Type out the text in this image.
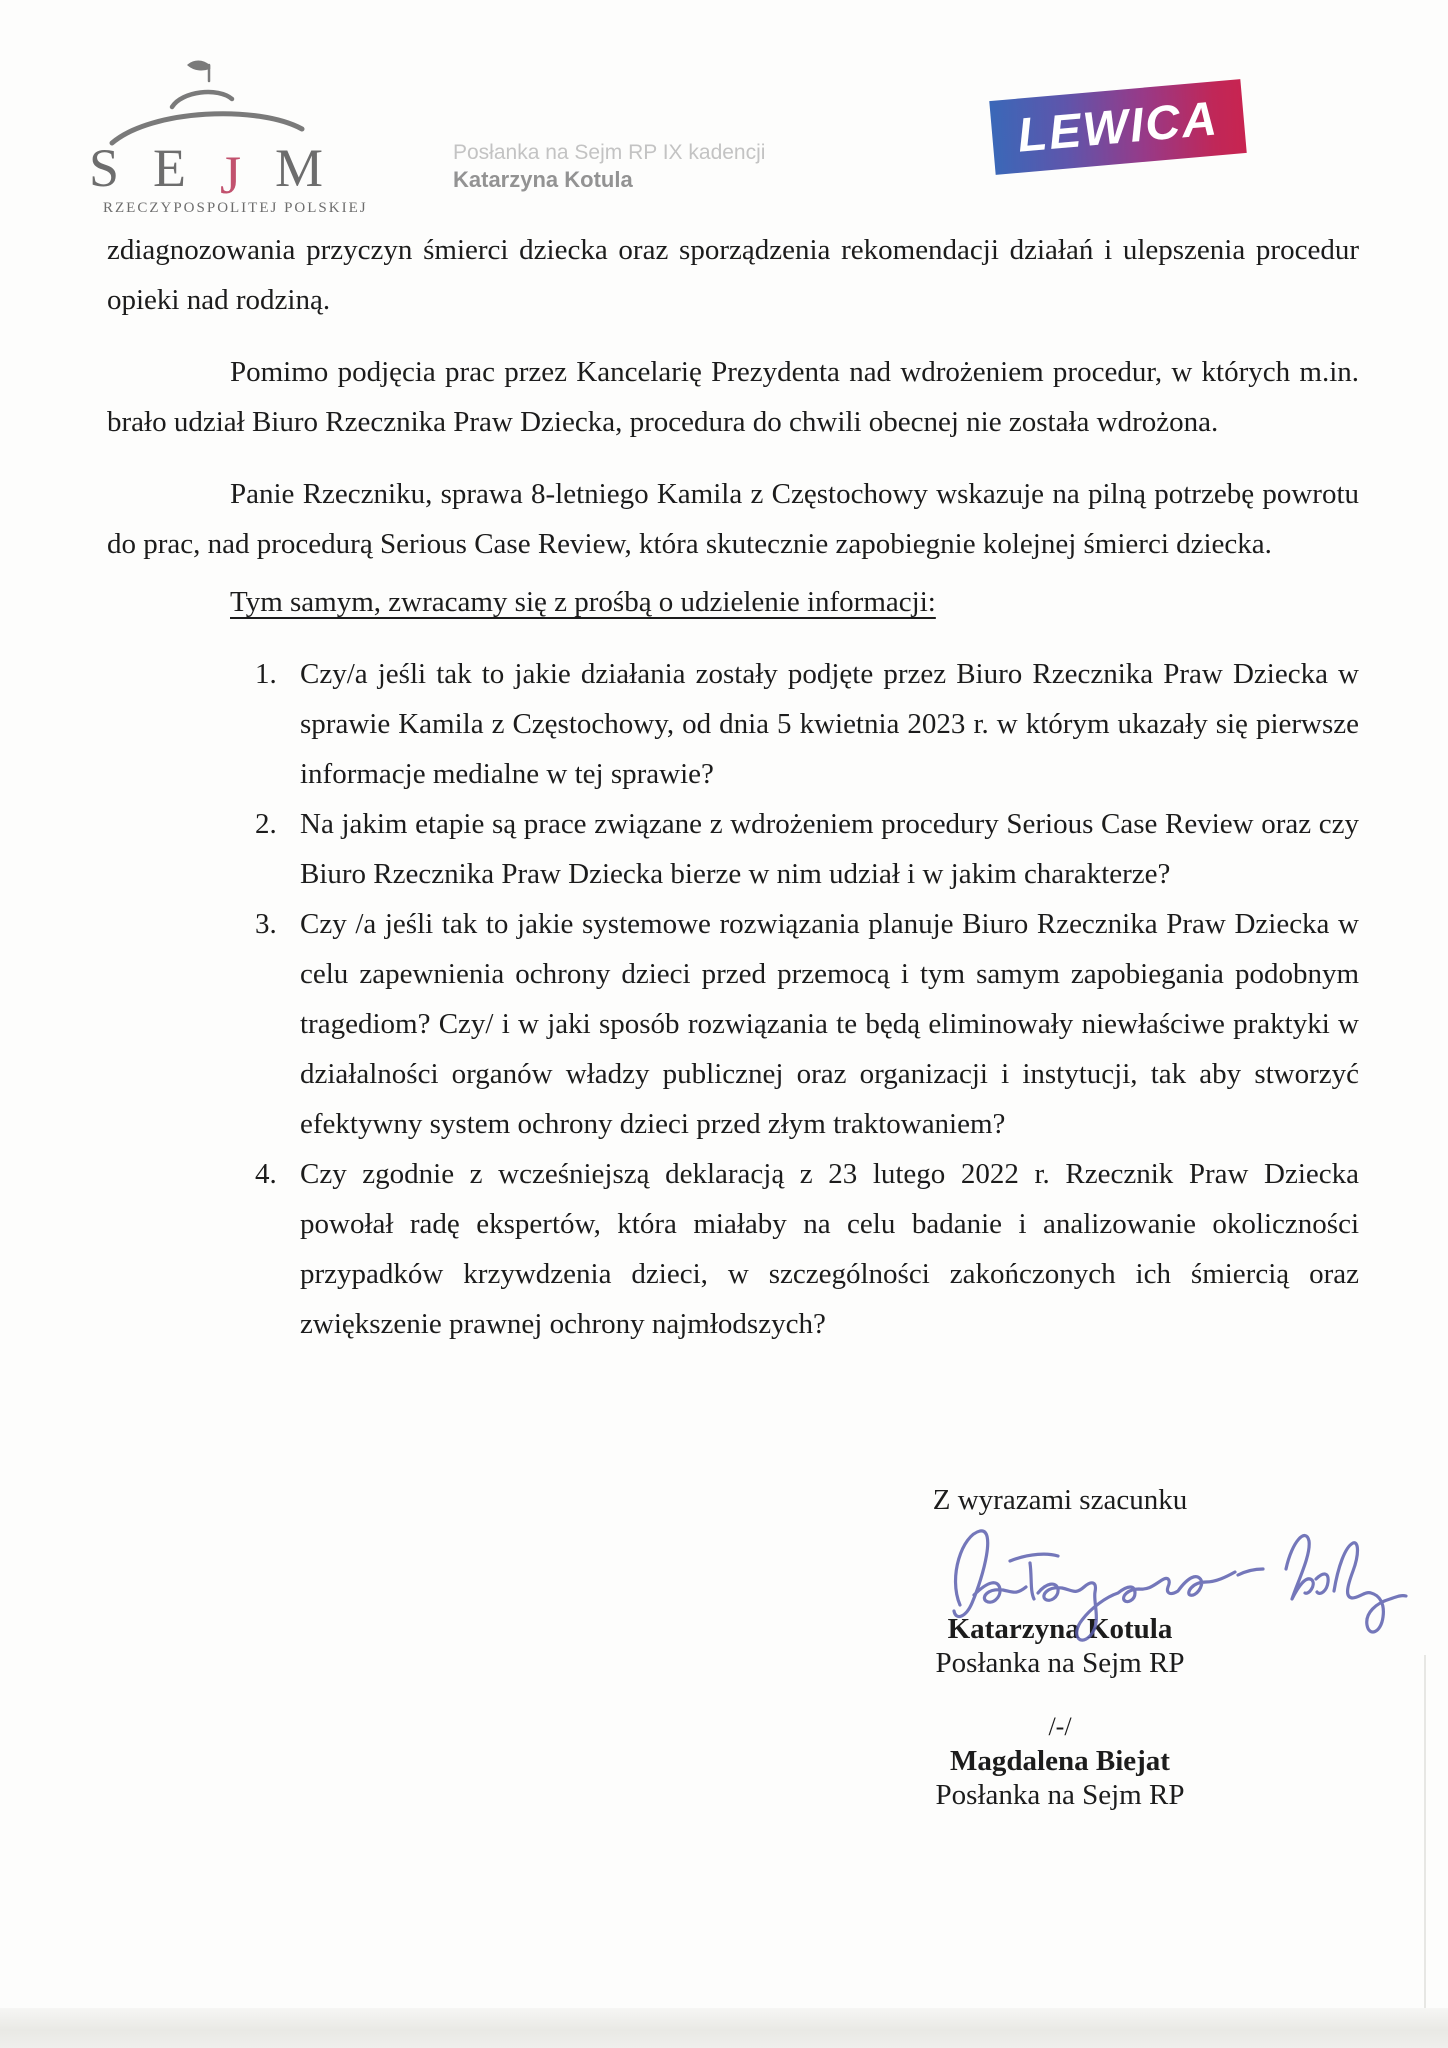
S E J M
RZECZYPOSPOLITEJ POLSKIEJ
Posłanka na Sejm RP IX kadencji
Katarzyna Kotula
LEWICA

zdiagnozowania przyczyn śmierci dziecka oraz sporządzenia rekomendacji działań i ulepszenia procedur opieki nad rodziną.

Pomimo podjęcia prac przez Kancelarię Prezydenta nad wdrożeniem procedur, w których m.in. brało udział Biuro Rzecznika Praw Dziecka, procedura do chwili obecnej nie została wdrożona.

Panie Rzeczniku, sprawa 8-letniego Kamila z Częstochowy wskazuje na pilną potrzebę powrotu do prac, nad procedurą Serious Case Review, która skutecznie zapobiegnie kolejnej śmierci dziecka.

Tym samym, zwracamy się z prośbą o udzielenie informacji:

1. Czy/a jeśli tak to jakie działania zostały podjęte przez Biuro Rzecznika Praw Dziecka w sprawie Kamila z Częstochowy, od dnia 5 kwietnia 2023 r. w którym ukazały się pierwsze informacje medialne w tej sprawie?
2. Na jakim etapie są prace związane z wdrożeniem procedury Serious Case Review oraz czy Biuro Rzecznika Praw Dziecka bierze w nim udział i w jakim charakterze?
3. Czy /a jeśli tak to jakie systemowe rozwiązania planuje Biuro Rzecznika Praw Dziecka w celu zapewnienia ochrony dzieci przed przemocą i tym samym zapobiegania podobnym tragediom? Czy/ i w jaki sposób rozwiązania te będą eliminowały niewłaściwe praktyki w działalności organów władzy publicznej oraz organizacji i instytucji, tak aby stworzyć efektywny system ochrony dzieci przed złym traktowaniem?
4. Czy zgodnie z wcześniejszą deklaracją z 23 lutego 2022 r. Rzecznik Praw Dziecka powołał radę ekspertów, która miałaby na celu badanie i analizowanie okoliczności przypadków krzywdzenia dzieci, w szczególności zakończonych ich śmiercią oraz zwiększenie prawnej ochrony najmłodszych?
Z wyrazami szacunku
Katarzyna Kotula
Posłanka na Sejm RP
/-/
Magdalena Biejat
Posłanka na Sejm RP
